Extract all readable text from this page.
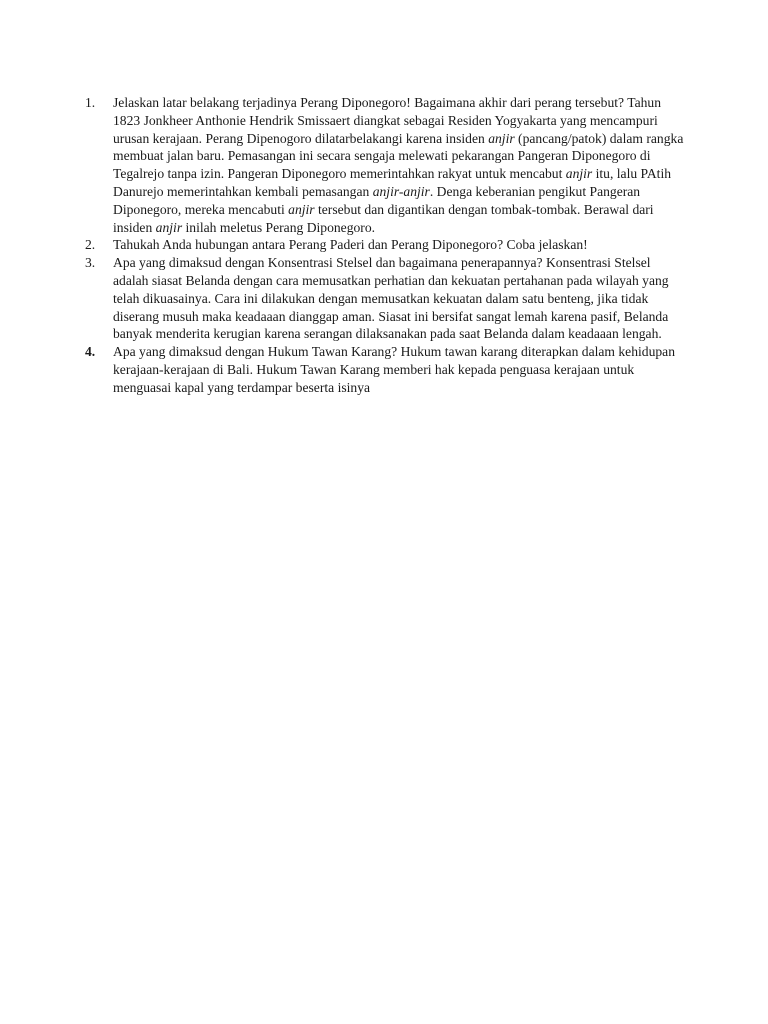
1.	Jelaskan latar belakang terjadinya Perang Diponegoro! Bagaimana akhir dari perang tersebut? Tahun 1823 Jonkheer Anthonie Hendrik Smissaert diangkat sebagai Residen Yogyakarta yang mencampuri urusan kerajaan. Perang Dipenogoro dilatarbelakangi karena insiden anjir (pancang/patok) dalam rangka membuat jalan baru. Pemasangan ini secara sengaja melewati pekarangan Pangeran Diponegoro di Tegalrejo tanpa izin. Pangeran Diponegoro memerintahkan rakyat untuk mencabut anjir itu, lalu PAtih Danurejo memerintahkan kembali pemasangan anjir-anjir. Denga keberanian pengikut Pangeran Diponegoro, mereka mencabuti anjir tersebut dan digantikan dengan tombak-tombak. Berawal dari insiden anjir inilah meletus Perang Diponegoro.
2.	Tahukah Anda hubungan antara Perang Paderi dan Perang Diponegoro? Coba jelaskan!
3.	Apa yang dimaksud dengan Konsentrasi Stelsel dan bagaimana penerapannya? Konsentrasi Stelsel adalah siasat Belanda dengan cara memusatkan perhatian dan kekuatan pertahanan pada wilayah yang telah dikuasainya. Cara ini dilakukan dengan memusatkan kekuatan dalam satu benteng, jika tidak diserang musuh maka keadaaan dianggap aman. Siasat ini bersifat sangat lemah karena pasif, Belanda banyak menderita kerugian karena serangan dilaksanakan pada saat Belanda dalam keadaaan lengah.
4.	Apa yang dimaksud dengan Hukum Tawan Karang? Hukum tawan karang diterapkan dalam kehidupan kerajaan-kerajaan di Bali. Hukum Tawan Karang memberi hak kepada penguasa kerajaan untuk menguasai kapal yang terdampar beserta isinya
